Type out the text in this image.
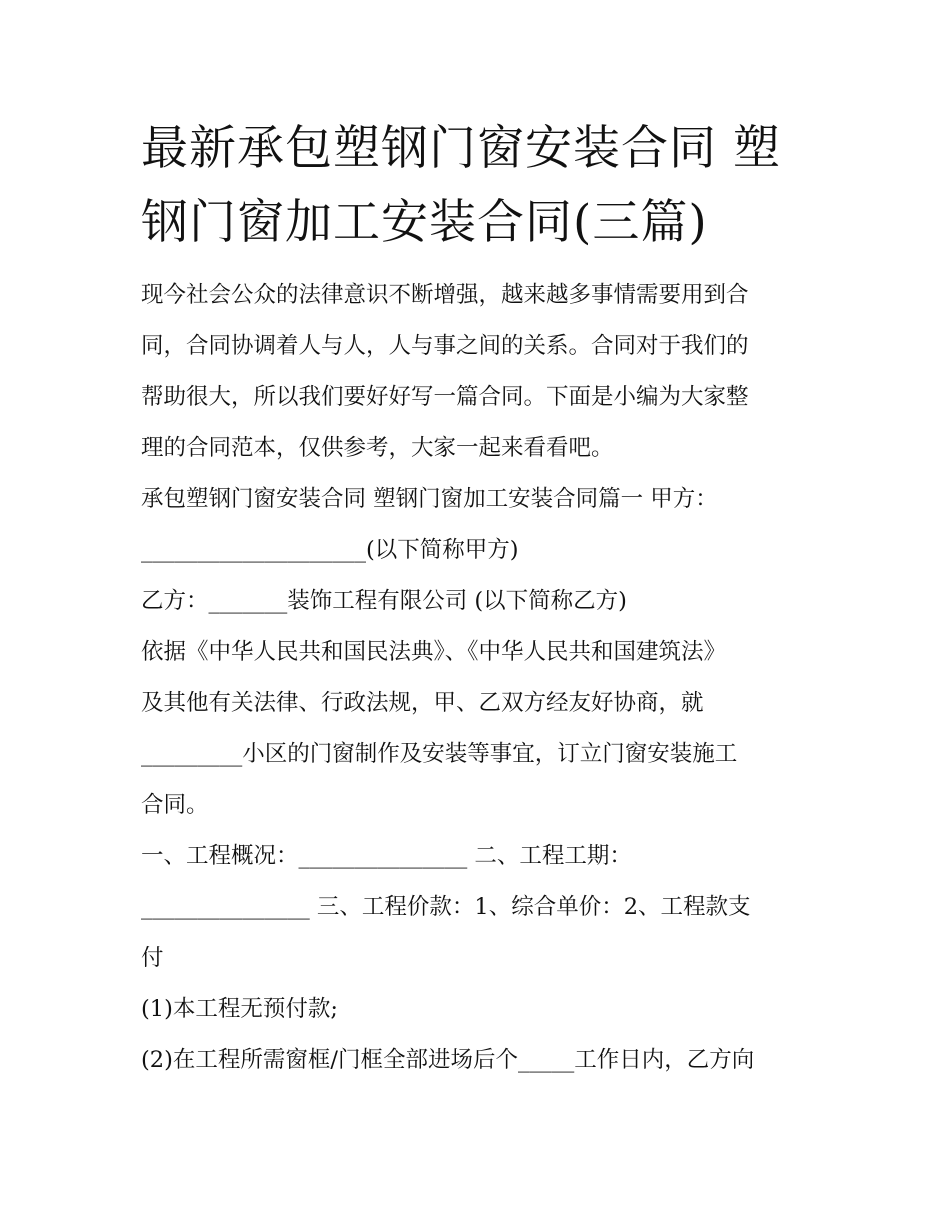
最新承包塑钢门窗安装合同 塑
钢门窗加工安装合同(三篇)

现今社会公众的法律意识不断增强，越来越多事情需要用到合

同，合同协调着人与人，人与事之间的关系。合同对于我们的

帮助很大，所以我们要好好写一篇合同。下面是小编为大家整

理的合同范本，仅供参考，大家一起来看看吧。

承包塑钢门窗安装合同 塑钢门窗加工安装合同篇一 甲方：

____________________(以下简称甲方)

乙方：_______装饰工程有限公司 (以下简称乙方)

依据《中华人民共和国民法典》、《中华人民共和国建筑法》

及其他有关法律、行政法规，甲、乙双方经友好协商，就

_________小区的门窗制作及安装等事宜，订立门窗安装施工

合同。

一、工程概况：_______________ 二、工程工期：

_______________ 三、工程价款：1、综合单价：2、工程款支

付

(1)本工程无预付款;

(2)在工程所需窗框/门框全部进场后个_____工作日内，乙方向
